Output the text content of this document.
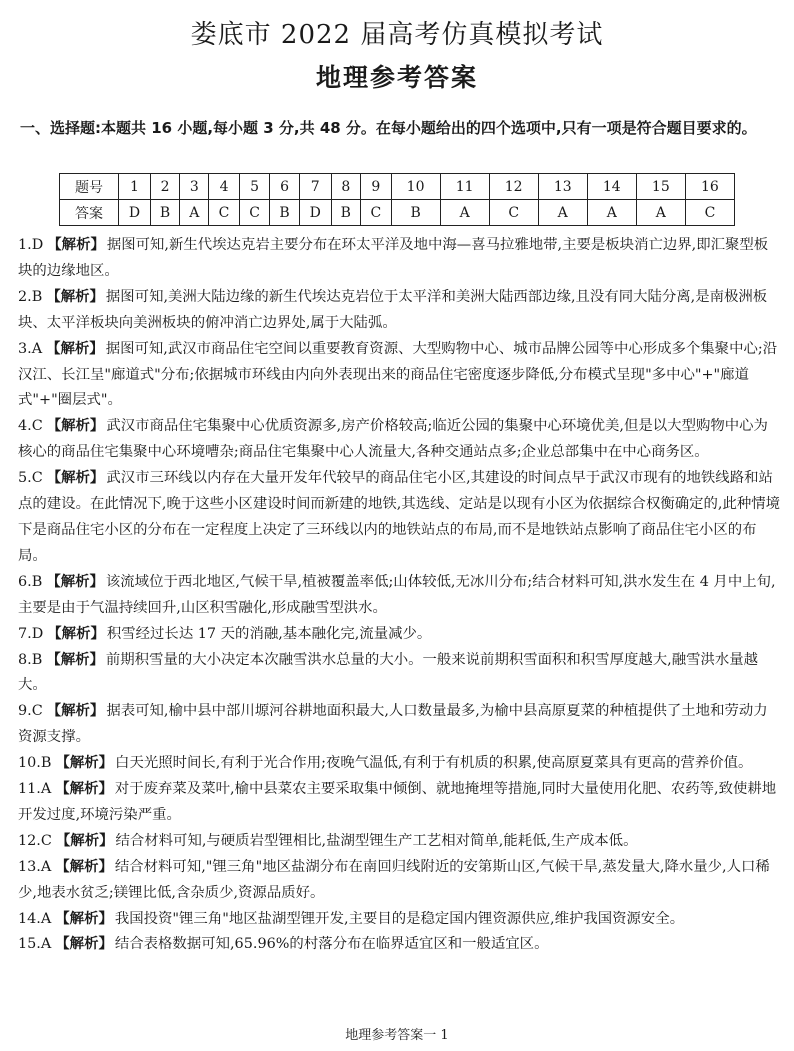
娄底市 2022 届高考仿真模拟考试
地理参考答案
一、选择题:本题共 16 小题,每小题 3 分,共 48 分。在每小题给出的四个选项中,只有一项是符合题目要求的。
题号	1	2	3	4	5	6	7	8	9	10	11	12	13	14	15	16
答案	D	B	A	C	C	B	D	B	C	B	A	C	A	A	A	C

1.D 【解析】 据图可知,新生代埃达克岩主要分布在环太平洋及地中海—喜马拉雅地带,主要是板块消亡边界,即汇聚型板块的边缘地区。

2.B 【解析】 据图可知,美洲大陆边缘的新生代埃达克岩位于太平洋和美洲大陆西部边缘,且没有同大陆分离,是南极洲板块、太平洋板块向美洲板块的俯冲消亡边界处,属于大陆弧。

3.A 【解析】 据图可知,武汉市商品住宅空间以重要教育资源、大型购物中心、城市品牌公园等中心形成多个集聚中心;沿汉江、长江呈"廊道式"分布;依据城市环线由内向外表现出来的商品住宅密度逐步降低,分布模式呈现"多中心"+"廊道式"+"圈层式"。

4.C 【解析】 武汉市商品住宅集聚中心优质资源多,房产价格较高;临近公园的集聚中心环境优美,但是以大型购物中心为核心的商品住宅集聚中心环境嘈杂;商品住宅集聚中心人流量大,各种交通站点多;企业总部集中在中心商务区。

5.C 【解析】 武汉市三环线以内存在大量开发年代较早的商品住宅小区,其建设的时间点早于武汉市现有的地铁线路和站点的建设。在此情况下,晚于这些小区建设时间而新建的地铁,其选线、定站是以现有小区为依据综合权衡确定的,此种情境下是商品住宅小区的分布在一定程度上决定了三环线以内的地铁站点的布局,而不是地铁站点影响了商品住宅小区的布局。

6.B 【解析】 该流域位于西北地区,气候干旱,植被覆盖率低;山体较低,无冰川分布;结合材料可知,洪水发生在 4 月中上旬,主要是由于气温持续回升,山区积雪融化,形成融雪型洪水。

7.D 【解析】 积雪经过长达 17 天的消融,基本融化完,流量减少。

8.B 【解析】 前期积雪量的大小决定本次融雪洪水总量的大小。一般来说前期积雪面积和积雪厚度越大,融雪洪水量越大。

9.C 【解析】 据表可知,榆中县中部川塬河谷耕地面积最大,人口数量最多,为榆中县高原夏菜的种植提供了土地和劳动力资源支撑。

10.B 【解析】 白天光照时间长,有利于光合作用;夜晚气温低,有利于有机质的积累,使高原夏菜具有更高的营养价值。

11.A 【解析】 对于废弃菜及菜叶,榆中县菜农主要采取集中倾倒、就地掩埋等措施,同时大量使用化肥、农药等,致使耕地开发过度,环境污染严重。

12.C 【解析】 结合材料可知,与硬质岩型锂相比,盐湖型锂生产工艺相对简单,能耗低,生产成本低。

13.A 【解析】 结合材料可知,"锂三角"地区盐湖分布在南回归线附近的安第斯山区,气候干旱,蒸发量大,降水量少,人口稀少,地表水贫乏;镁锂比低,含杂质少,资源品质好。

14.A 【解析】 我国投资"锂三角"地区盐湖型锂开发,主要目的是稳定国内锂资源供应,维护我国资源安全。

15.A 【解析】 结合表格数据可知,65.96%的村落分布在临界适宜区和一般适宜区。

地理参考答案一 1
